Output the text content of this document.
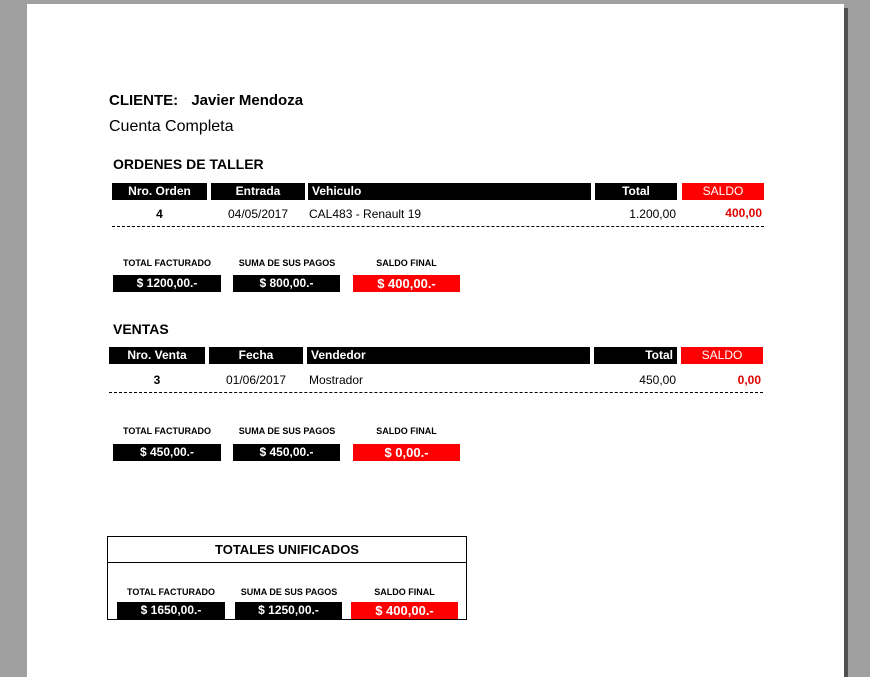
CLIENTE: Javier Mendoza
Cuenta Completa
ORDENES DE TALLER
Nro. Orden	Entrada	Vehiculo	Total	SALDO
4	04/05/2017	CAL483 - Renault 19	1.200,00	400,00
TOTAL FACTURADO
$ 1200,00.-
SUMA DE SUS PAGOS
$ 800,00.-
SALDO FINAL
$ 400,00.-
VENTAS
Nro. Venta	Fecha	Vendedor	Total	SALDO
3	01/06/2017	Mostrador	450,00	0,00
TOTAL FACTURADO
$ 450,00.-
SUMA DE SUS PAGOS
$ 450,00.-
SALDO FINAL
$ 0,00.-
TOTALES UNIFICADOS
TOTAL FACTURADO
$ 1650,00.-
SUMA DE SUS PAGOS
$ 1250,00.-
SALDO FINAL
$ 400,00.-
